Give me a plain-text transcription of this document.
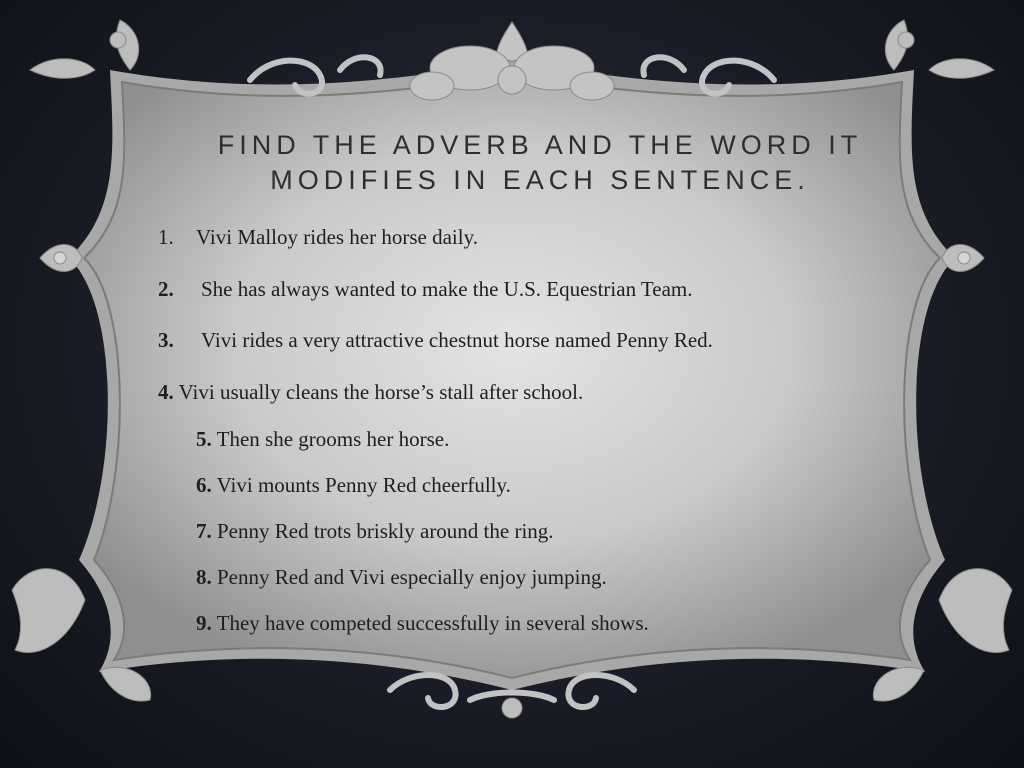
FIND THE ADVERB AND THE WORD IT
MODIFIES IN EACH SENTENCE.
1. Vivi Malloy rides her horse daily.
2. She has always wanted to make the U.S. Equestrian Team.
3. Vivi rides a very attractive chestnut horse named Penny Red.
4. Vivi usually cleans the horse’s stall after school.
5. Then she grooms her horse.
6. Vivi mounts Penny Red cheerfully.
7. Penny Red trots briskly around the ring.
8. Penny Red and Vivi especially enjoy jumping.
9. They have competed successfully in several shows.
